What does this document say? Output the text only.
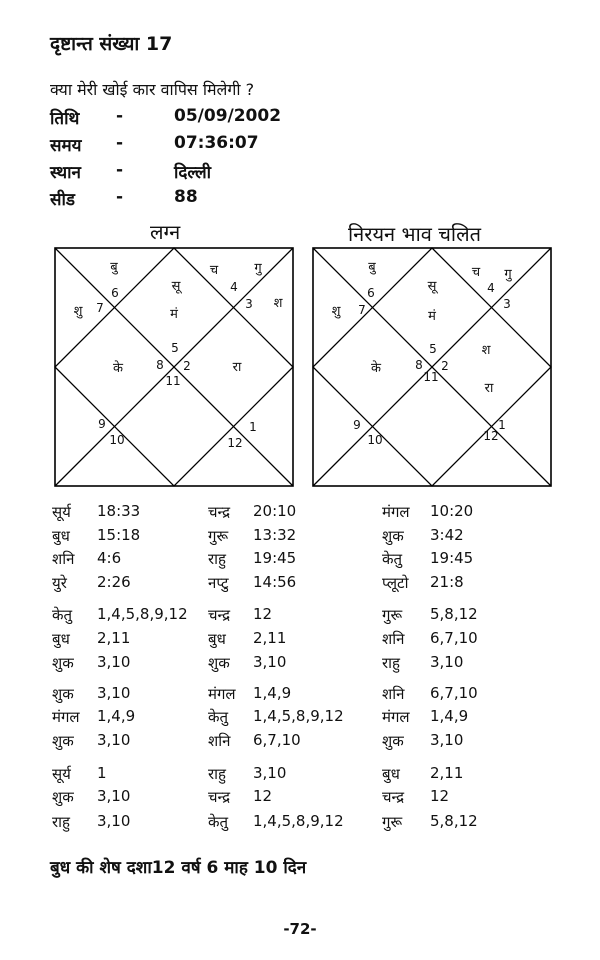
दृष्टान्त संख्या 17
क्या मेरी खोई कार वापिस मिलेगी ?
तिथि -	05/09/2002
समय -	07:36:07
स्थान -	दिल्ली
सीड -	88
लग्न	निरयन भाव चलित
बु	च	गु
सू
मं
शु
श
के	रा
1
2
3
4
5
6
7
8
9
10
11
12
बु	च गु
सू
मं
शु
के
श
रा
1
2
3
4
5
6
7
8
9
10
11
12
सूर्य 18:33	चन्द्र 20:10	मंगल 10:20
बुध 15:18	गुरू 13:32	शुक 3:42
शनि 4:6	राहु 19:45	केतु 19:45
युरे 2:26	नप्टु 14:56	प्लूटो 21:8
केतु 1,4,5,8,9,12 चन्द्र 12	गुरू 5,8,12
बुध 2,11	बुध 2,11	शनि 6,7,10
शुक 3,10	शुक 3,10	राहु 3,10
शुक 3,10	मंगल 1,4,9	शनि 6,7,10
मंगल 1,4,9	केतु 1,4,5,8,9,12	मंगल 1,4,9
शुक 3,10	शनि 6,7,10	शुक 3,10
सूर्य 1	राहु 3,10	बुध 2,11
शुक 3,10	चन्द्र 12	चन्द्र 12
राहु 3,10	केतु 1,4,5,8,9,12	गुरू 5,8,12
बुध की शेष दशा12 वर्ष 6 माह 10 दिन
-72-
